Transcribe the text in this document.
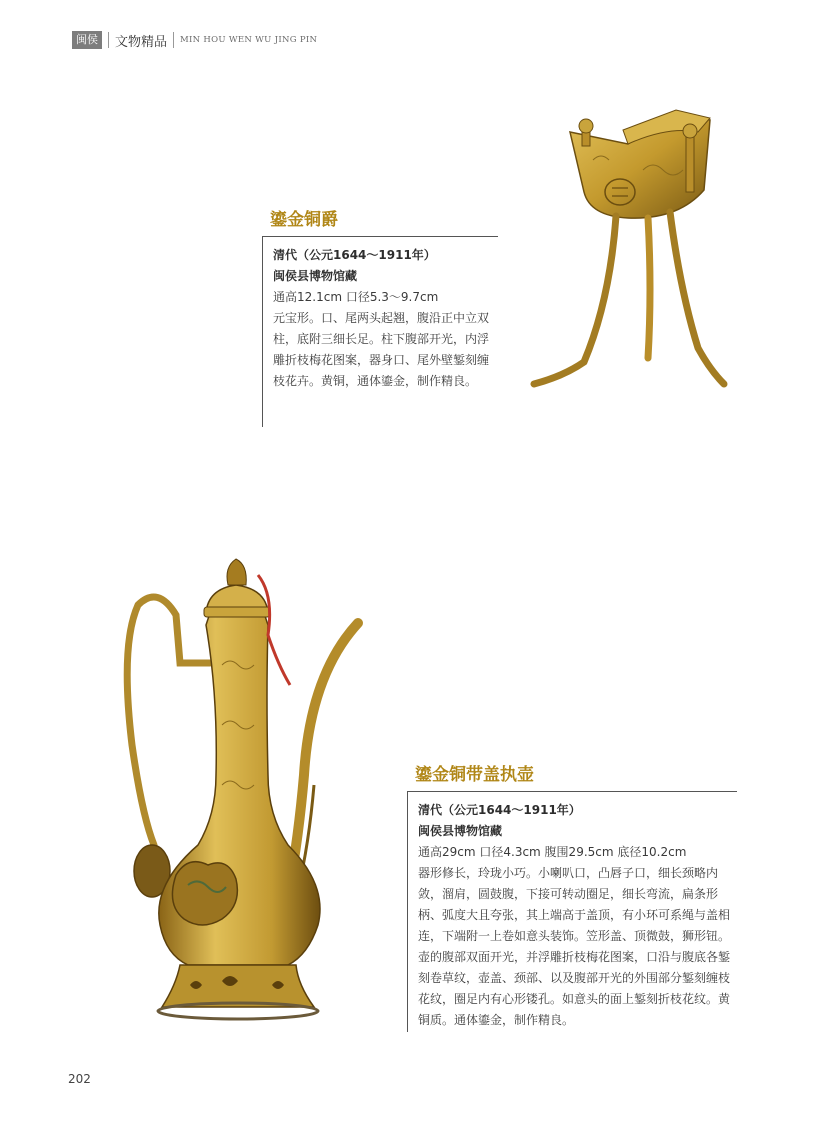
闽侯	文物精品 MIN HOU WEN WU JING PIN
鎏金铜爵
清代（公元1644～1911年）
闽侯县博物馆藏
通高12.1cm 口径5.3～9.7cm
元宝形。口、尾两头起翘，腹沿正中立双
柱，底附三细长足。柱下腹部开光，内浮
雕折枝梅花图案，器身口、尾外壁錾刻缠
枝花卉。黄铜，通体鎏金，制作精良。
鎏金铜带盖执壶
清代（公元1644～1911年）
闽侯县博物馆藏
通高29cm 口径4.3cm 腹围29.5cm 底径10.2cm
器形修长，玲珑小巧。小喇叭口，凸唇子口，细长颈略内
敛，溜肩，圆鼓腹，下接可转动圈足，细长弯流，扁条形
柄、弧度大且夸张，其上端高于盖顶，有小环可系绳与盖相
连，下端附一上卷如意头装饰。笠形盖、顶微鼓，狮形钮。
壶的腹部双面开光，并浮雕折枝梅花图案，口沿与腹底各錾
刻卷草纹，壶盖、颈部、以及腹部开光的外围部分錾刻缠枝
花纹，圈足内有心形镂孔。如意头的面上錾刻折枝花纹。黄
铜质。通体鎏金，制作精良。
202
